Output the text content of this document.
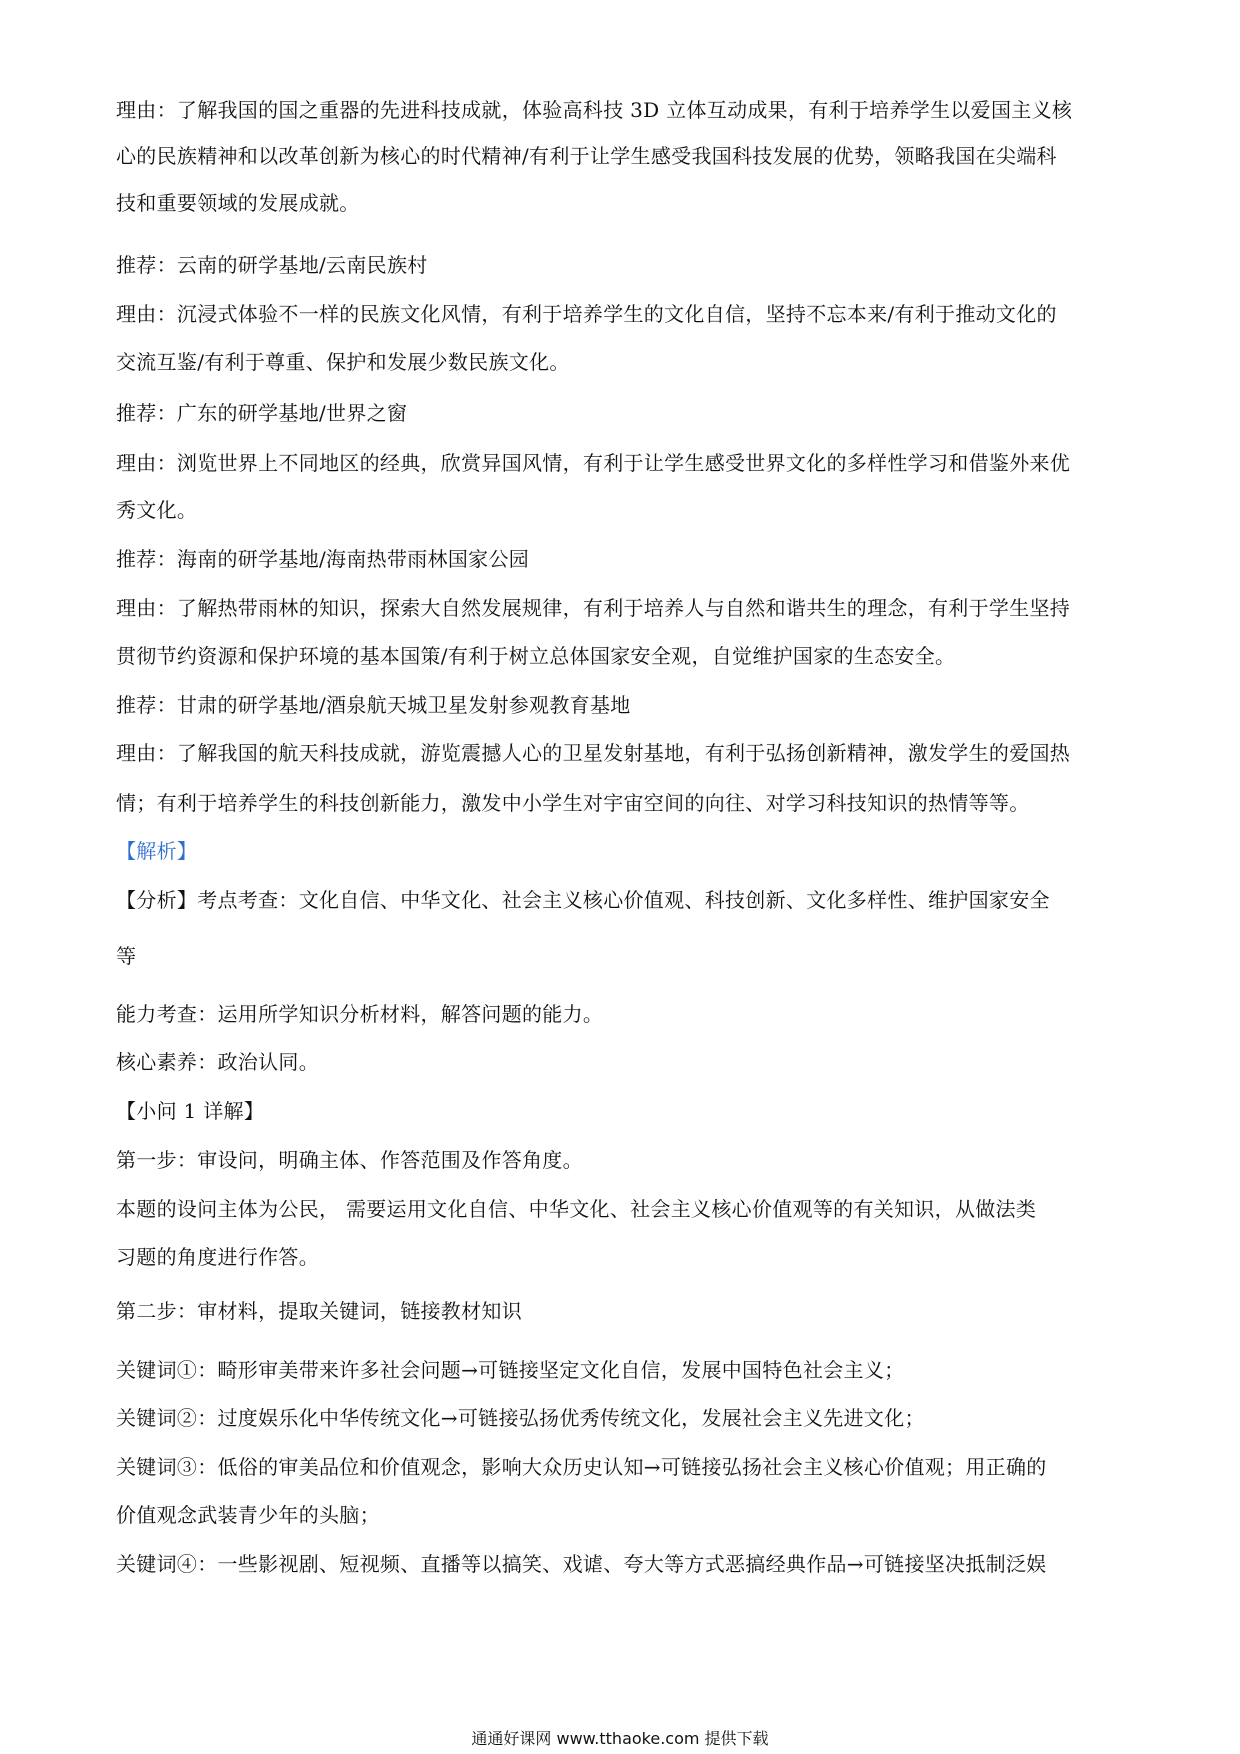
理由：了解我国的国之重器的先进科技成就，体验高科技 3D 立体互动成果，有利于培养学生以爱国主义核
心的民族精神和以改革创新为核心的时代精神/有利于让学生感受我国科技发展的优势，领略我国在尖端科
技和重要领域的发展成就。
推荐：云南的研学基地/云南民族村
理由：沉浸式体验不一样的民族文化风情，有利于培养学生的文化自信，坚持不忘本来/有利于推动文化的
交流互鉴/有利于尊重、保护和发展少数民族文化。
推荐：广东的研学基地/世界之窗
理由：浏览世界上不同地区的经典，欣赏异国风情，有利于让学生感受世界文化的多样性学习和借鉴外来优
秀文化。
推荐：海南的研学基地/海南热带雨林国家公园
理由：了解热带雨林的知识，探索大自然发展规律，有利于培养人与自然和谐共生的理念，有利于学生坚持
贯彻节约资源和保护环境的基本国策/有利于树立总体国家安全观，自觉维护国家的生态安全。
推荐：甘肃的研学基地/酒泉航天城卫星发射参观教育基地
理由：了解我国的航天科技成就，游览震撼人心的卫星发射基地，有利于弘扬创新精神，激发学生的爱国热
情；有利于培养学生的科技创新能力，激发中小学生对宇宙空间的向往、对学习科技知识的热情等等。
【解析】
【分析】考点考查：文化自信、中华文化、社会主义核心价值观、科技创新、文化多样性、维护国家安全
等
能力考查：运用所学知识分析材料，解答问题的能力。
核心素养：政治认同。
【小问 1 详解】
第一步：审设问，明确主体、作答范围及作答角度。
本题的设问主体为公民， 需要运用文化自信、中华文化、社会主义核心价值观等的有关知识，从做法类
习题的角度进行作答。
第二步：审材料，提取关键词，链接教材知识
关键词①：畸形审美带来许多社会问题→可链接坚定文化自信，发展中国特色社会主义；
关键词②：过度娱乐化中华传统文化→可链接弘扬优秀传统文化，发展社会主义先进文化；
关键词③：低俗的审美品位和价值观念，影响大众历史认知→可链接弘扬社会主义核心价值观；用正确的
价值观念武装青少年的头脑；
关键词④：一些影视剧、短视频、直播等以搞笑、戏谑、夸大等方式恶搞经典作品→可链接坚决抵制泛娱
通通好课网 www.tthaoke.com 提供下载
